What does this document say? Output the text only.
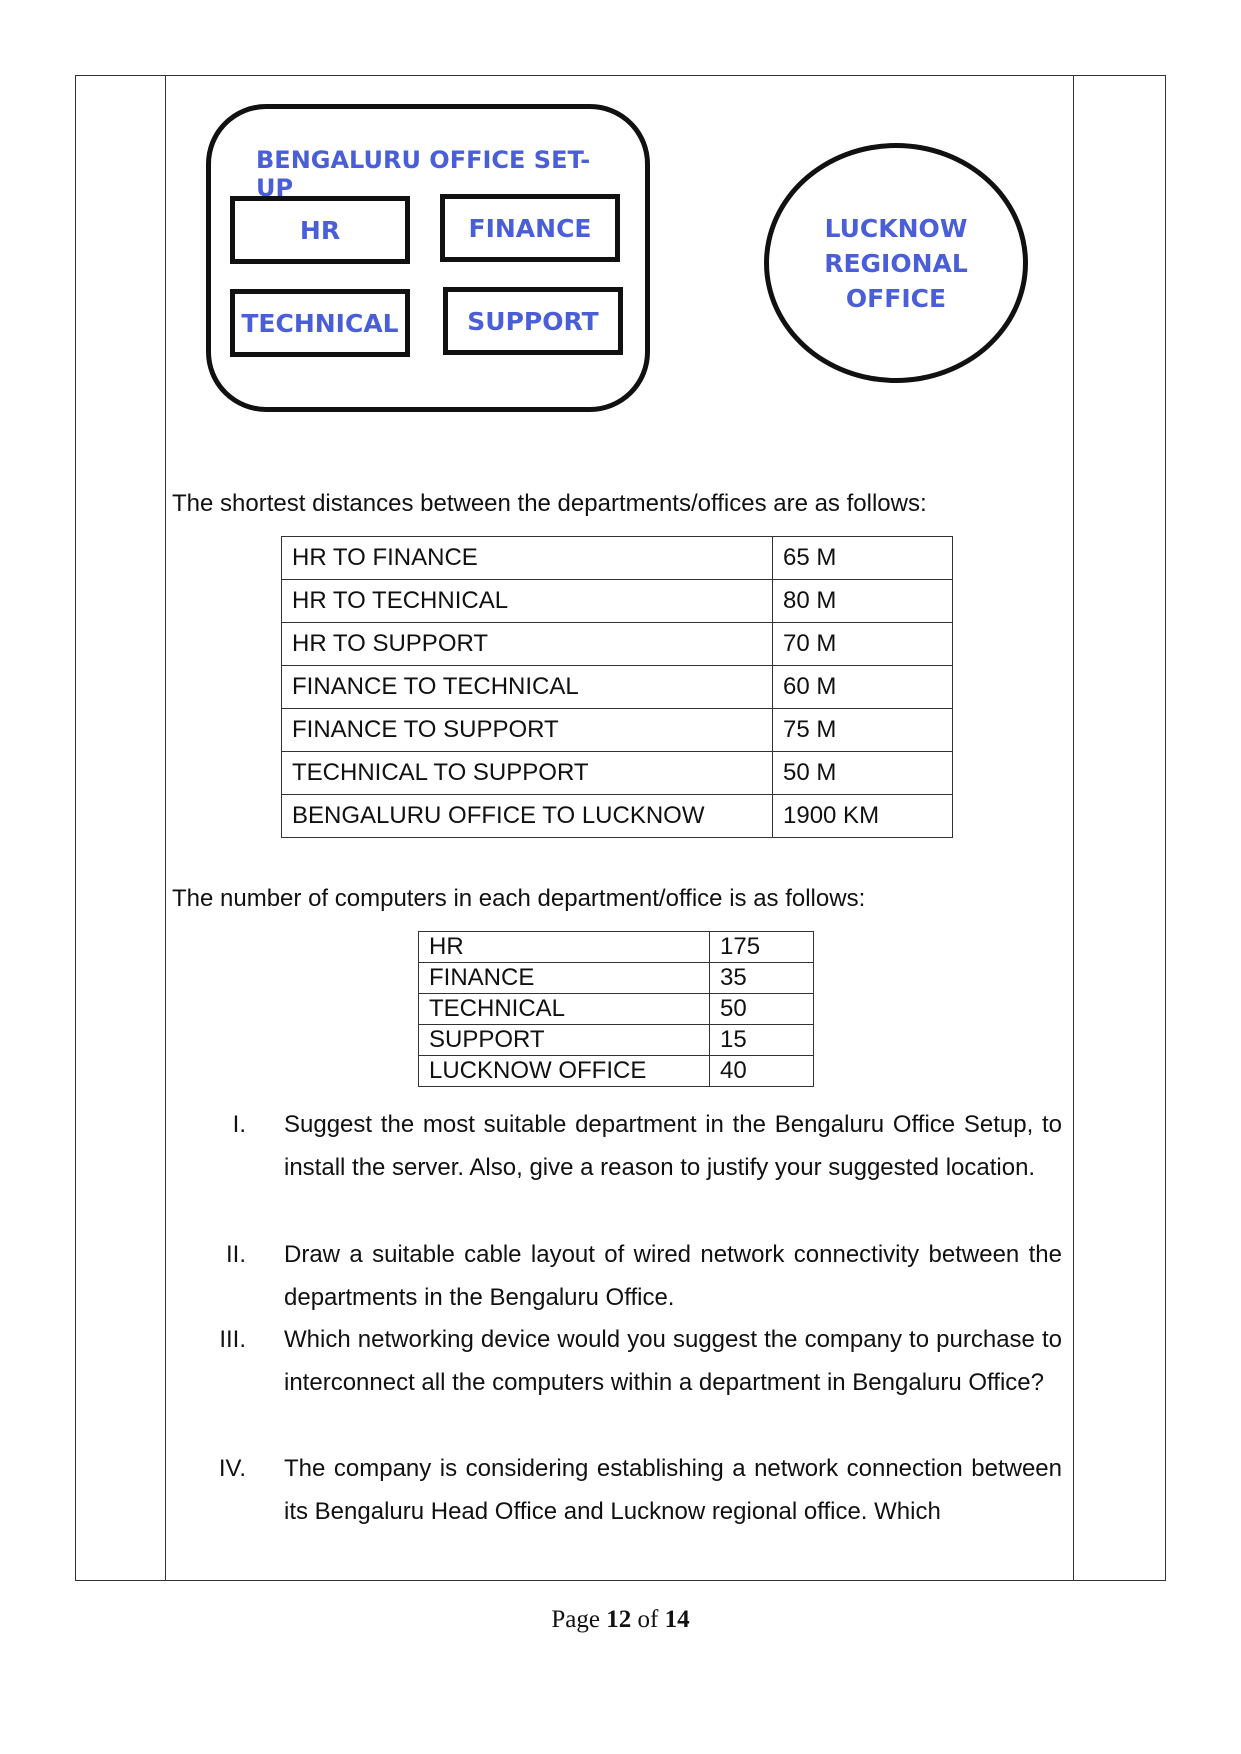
BENGALURU OFFICE SET-UP
HR	FINANCE
TECHNICAL	SUPPORT
LUCKNOW
REGIONAL
OFFICE
The shortest distances between the departments/offices are as follows:
HR TO FINANCE	65 M
HR TO TECHNICAL	80 M
HR TO SUPPORT	70 M
FINANCE TO TECHNICAL	60 M
FINANCE TO SUPPORT	75 M
TECHNICAL TO SUPPORT	50 M
BENGALURU OFFICE TO LUCKNOW	1900 KM
The number of computers in each department/office is as follows:
HR	175
FINANCE	35
TECHNICAL	50
SUPPORT	15
LUCKNOW OFFICE	40
I. Suggest the most suitable department in the Bengaluru Office Setup, to install the server. Also, give a reason to justify your suggested location.
II. Draw a suitable cable layout of wired network connectivity between the departments in the Bengaluru Office.
III. Which networking device would you suggest the company to purchase to interconnect all the computers within a department in Bengaluru Office?
IV. The company is considering establishing a network connection between its Bengaluru Head Office and Lucknow regional office. Which
Page 12 of 14
